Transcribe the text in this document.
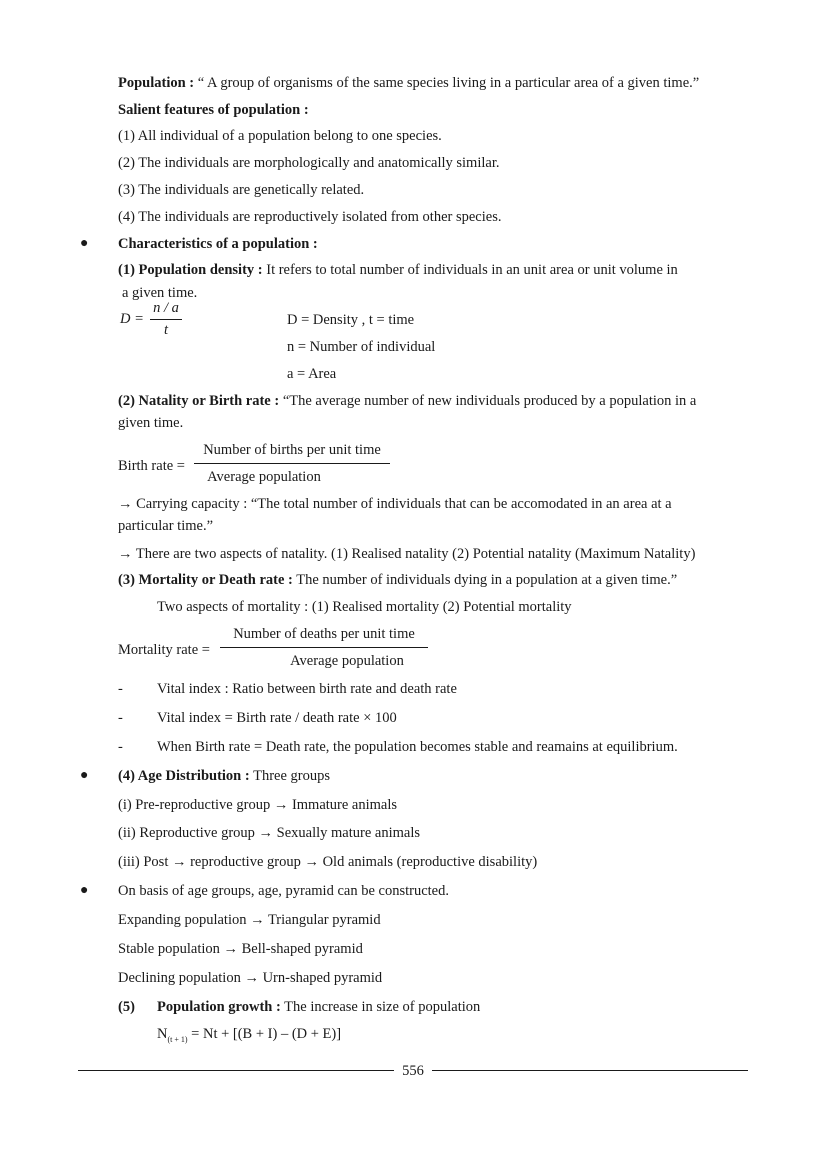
Population : “ A group of organisms of the same species living in a particular area of a given time.”
Salient features of population :
(1) All individual of a population belong to one species.
(2) The individuals are morphologically and anatomically similar.
(3) The individuals are genetically related.
(4) The individuals are reproductively isolated from other species.
● Characteristics of a population :
(1) Population density : It refers to total number of individuals in an unit area or unit volume in
a given time.
D =
n / a
t
D = Density , t = time
n = Number of individual
a = Area
(2) Natality or Birth rate : “The average number of new individuals produced by a population in a
given time.
Birth rate =
Number of births per unit time
Average population
→ Carrying capacity : “The total number of individuals that can be accomodated in an area at a
particular time.”
→ There are two aspects of natality. (1) Realised natality (2) Potential natality (Maximum Natality)
(3) Mortality or Death rate : The number of individuals dying in a population at a given time.”
Two aspects of mortality : (1) Realised mortality (2) Potential mortality
Mortality rate =
Number of deaths per unit time
Average population
- Vital index : Ratio between birth rate and death rate
- Vital index = Birth rate / death rate × 100
- When Birth rate = Death rate, the population becomes stable and reamains at equilibrium.
● (4) Age Distribution : Three groups
(i) Pre-reproductive group → Immature animals
(ii) Reproductive group → Sexually mature animals
(iii) Post → reproductive group → Old animals (reproductive disability)
● On basis of age groups, age, pyramid can be constructed.
Expanding population → Triangular pyramid
Stable population → Bell-shaped pyramid
Declining population → Urn-shaped pyramid
(5) Population growth : The increase in size of population
$N_{(t + 1)} = Nt + [(B + I) - (D + E)]$
556
